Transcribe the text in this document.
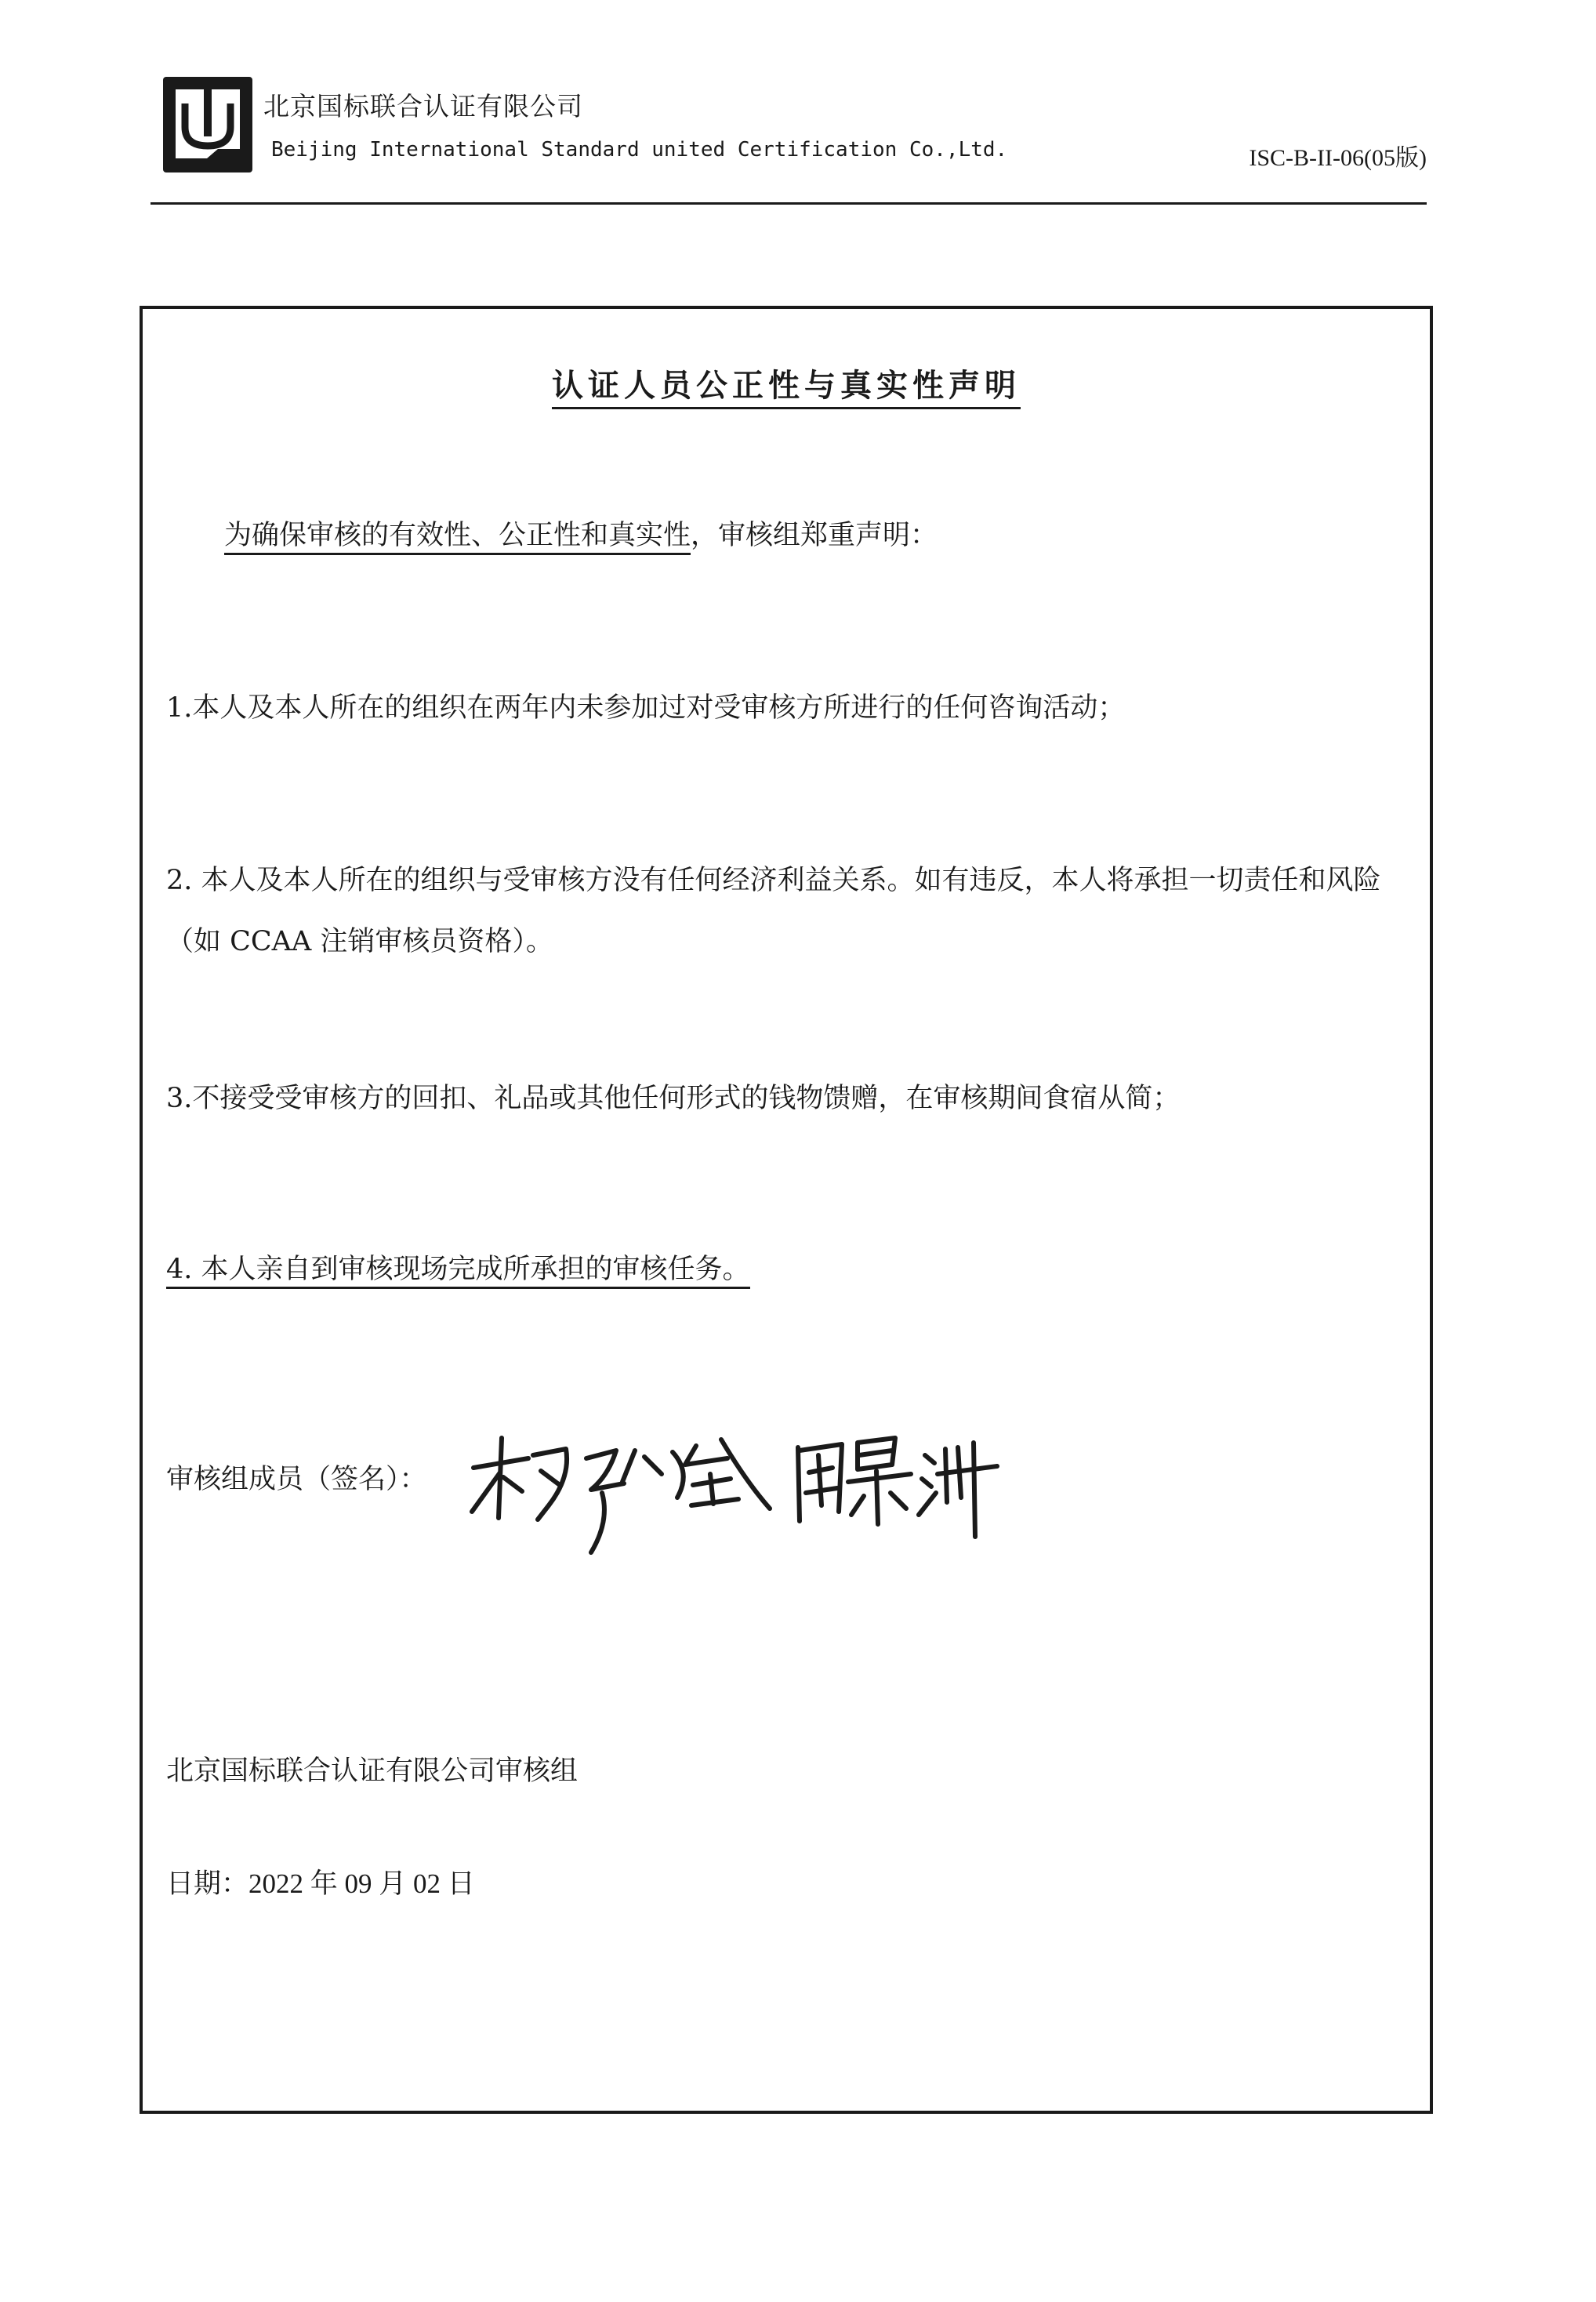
北京国标联合认证有限公司
Beijing International Standard united Certification Co.,Ltd.	ISC-B-II-06(05版)
认证人员公正性与真实性声明
为确保审核的有效性、公正性和真实性，审核组郑重声明：
1.本人及本人所在的组织在两年内未参加过对受审核方所进行的任何咨询活动；
2. 本人及本人所在的组织与受审核方没有任何经济利益关系。如有违反，本人将承担一切责任和风险（如 CCAA 注销审核员资格）。
3.不接受受审核方的回扣、礼品或其他任何形式的钱物馈赠，在审核期间食宿从简；
4. 本人亲自到审核现场完成所承担的审核任务。
审核组成员（签名）：
北京国标联合认证有限公司审核组
日期：2022 年 09 月 02 日
